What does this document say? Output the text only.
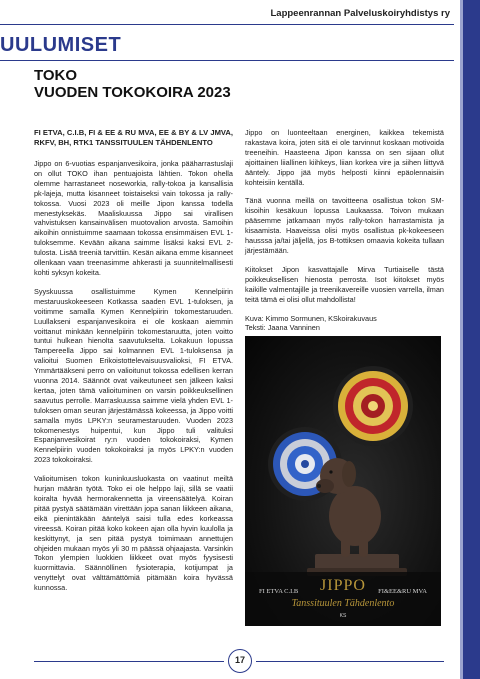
Lappeenrannan Palveluskoiryhdistys ry
UULUMISET
TOKO
VUODEN TOKOKOIRA 2023

FI ETVA, C.I.B, FI & EE & RU MVA, EE & BY & LV JMVA, RKFV, BH, RTK1 TANSSITUULEN TÄHDENLENTO

Jippo on 6-vuotias espanjanvesikoira, jonka pääharrastuslaji on ollut TOKO ihan pentuajoista lähtien. Tokon ohella olemme harrastaneet noseworkia, rally-tokoa ja kansallisia pk-lajeja, mutta kisanneet toistaiseksi vain tokossa ja rally-tokossa. Vuosi 2023 oli meille Jipon kanssa todella menestyksekäs. Maaliskuussa Jippo sai virallisen vahvistuksen kansainvälisen muotovalion arvosta. Samoihin aikoihin onnistuimme saamaan tokossa ensimmäisen EVL 1-tuloksemme. Kevään aikana saimme lisäksi kaksi EVL 2-tulosta. Lisää treeniä tarvittiin. Kesän aikana emme kisanneet ollenkaan vaan treenasimme ahkerasti ja suunnitelmallisesti kohti syksyn kokeita.

Syyskuussa osallistuimme Kymen Kennelpiirin mestaruuskokeeseen Kotkassa saaden EVL 1-tuloksen, ja voitimme samalla Kymen Kennelpiirin tokomestaruuden. Luullakseni espanjanvesikoira ei ole koskaan aiemmin voittanut minkään kennelpiirin tokomestaruutta, joten voitto tuntui hulkean hienolta saavutukselta. Lokakuun lopussa Tampereella Jippo sai kolmannen EVL 1-tuloksensa ja valioitui Suomen Erikoistottelevaisuusvalioksi, FI ETVA. Ymmärtääkseni perro on valioitunut tokossa edellisen kerran vuonna 2014. Säännöt ovat vaikeutuneet sen jälkeen kaksi kertaa, joten tämä valioituminen on varsin poikkeuksellinen saavutus perrolle. Marraskuussa saimme vielä yhden EVL 1-tuloksen oman seuran järjestämässä kokeessa, ja Jippo voitti samalla myös LPKY:n seuramestaruuden. Vuoden 2023 tokomenestys huipentui, kun Jippo tuli valituksi Espanjanvesikoirat ry:n vuoden tokokoiraksi, Kymen Kennelpiirin vuoden tokokoiraksi ja myös LPKY:n vuoden 2023 tokokoiraksi.

Valioitumisen tokon kuninkuusluokasta on vaatinut meiltä hurjan määrän työtä. Toko ei ole helppo laji, sillä se vaatii koiralta hyvää hermorakennetta ja vireensäätelyä. Koiran pitää pystyä säätämään virettään jopa sanan liikkeen aikana, eikä pienintäkään ääntelyä saisi tulla edes korkeassa vireessä. Koiran pitää koko kokeen ajan olla hyvin kuulolla ja keskittynyt, ja sen pitää pystyä toimimaan annettujen ohjeiden mukaan myös yli 30 m päässä ohjaajasta. Varsinkin Tokon ylempien luokkien liikkeet ovat myös fyysisesti kuormittavia. Säännöllinen fysioterapia, kotijumpat ja venyttelyt ovat välttämättömiä pitämään koira hyvässä kunnossa.

Jippo on luonteeltaan energinen, kaikkea tekemistä rakastava koira, joten sitä ei ole tarvinnut koskaan motivoida treeneihin. Haasteena Jipon kanssa on sen sijaan ollut ajoittainen liiallinen kiihkeys, liian korkea vire ja siihen liittyvä ääntely. Jippo jää myös helposti kiinni epäolennaisiin kohteisiin kentällä.

Tänä vuonna meillä on tavoitteena osallistua tokon SM-kisoihin kesäkuun lopussa Laukaassa. Toivon mukaan pääsemme jatkamaan myös rally-tokon harrastamista ja kisaamista. Haaveissa olisi myös osallistua pk-kokeeseen hausssa ja/tai jäljellä, jos B-tottiksen omaavia kokeita tullaan järjestämään.

Kiitokset Jipon kasvattajalle Mirva Turtiaiselle tästä poikkeuksellisen hienosta perrosta. Isot kiitokset myös kaikille valmentajille ja treenikavereille vuosien varrella, ilman teitä tämä ei olisi ollut mahdollista!

Kuva: Kimmo Sormunen, KSkoirakuvaus
Teksti: Jaana Vanninen

FI ETVA C.I.B	FI&EE&RU MVA
JIPPO
Tanssituulen Tähdenlento
KS
17
